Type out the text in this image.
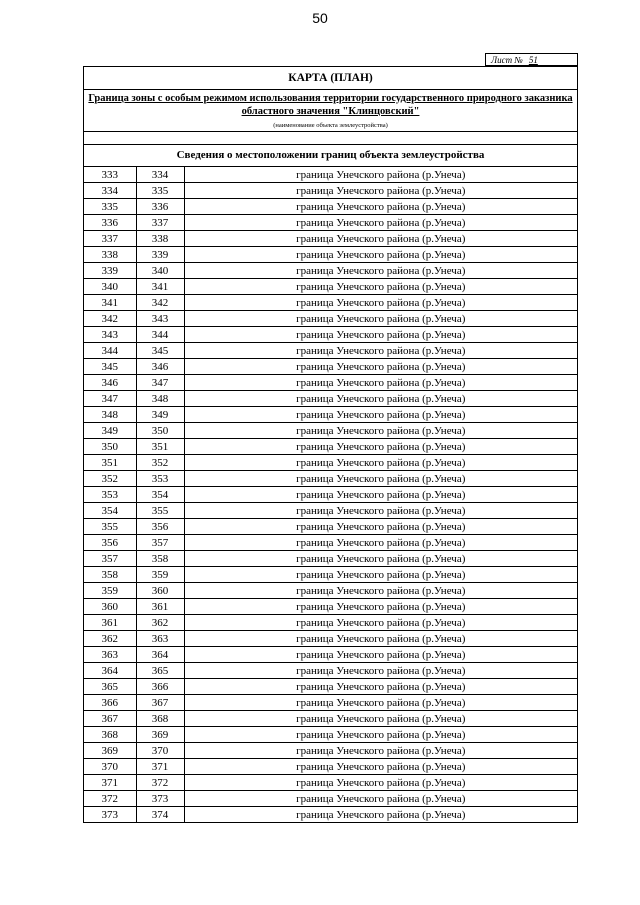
50
Лист № 51
КАРТА (ПЛАН)
Граница зоны с особым режимом использования территории государственного природного заказника областного значения "Клинцовский"
(наименование объекта землеустройства)
Сведения о местоположении границ объекта землеустройства
333	334	граница Унечского района (р.Унеча)
334	335	граница Унечского района (р.Унеча)
335	336	граница Унечского района (р.Унеча)
336	337	граница Унечского района (р.Унеча)
337	338	граница Унечского района (р.Унеча)
338	339	граница Унечского района (р.Унеча)
339	340	граница Унечского района (р.Унеча)
340	341	граница Унечского района (р.Унеча)
341	342	граница Унечского района (р.Унеча)
342	343	граница Унечского района (р.Унеча)
343	344	граница Унечского района (р.Унеча)
344	345	граница Унечского района (р.Унеча)
345	346	граница Унечского района (р.Унеча)
346	347	граница Унечского района (р.Унеча)
347	348	граница Унечского района (р.Унеча)
348	349	граница Унечского района (р.Унеча)
349	350	граница Унечского района (р.Унеча)
350	351	граница Унечского района (р.Унеча)
351	352	граница Унечского района (р.Унеча)
352	353	граница Унечского района (р.Унеча)
353	354	граница Унечского района (р.Унеча)
354	355	граница Унечского района (р.Унеча)
355	356	граница Унечского района (р.Унеча)
356	357	граница Унечского района (р.Унеча)
357	358	граница Унечского района (р.Унеча)
358	359	граница Унечского района (р.Унеча)
359	360	граница Унечского района (р.Унеча)
360	361	граница Унечского района (р.Унеча)
361	362	граница Унечского района (р.Унеча)
362	363	граница Унечского района (р.Унеча)
363	364	граница Унечского района (р.Унеча)
364	365	граница Унечского района (р.Унеча)
365	366	граница Унечского района (р.Унеча)
366	367	граница Унечского района (р.Унеча)
367	368	граница Унечского района (р.Унеча)
368	369	граница Унечского района (р.Унеча)
369	370	граница Унечского района (р.Унеча)
370	371	граница Унечского района (р.Унеча)
371	372	граница Унечского района (р.Унеча)
372	373	граница Унечского района (р.Унеча)
373	374	граница Унечского района (р.Унеча)
